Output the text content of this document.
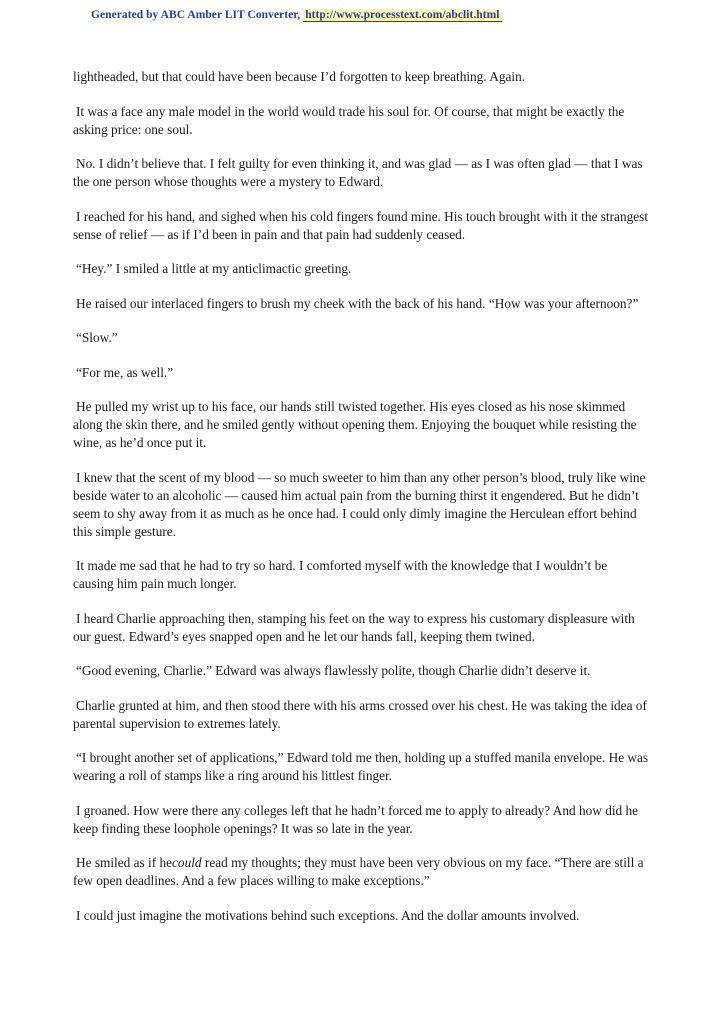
Generated by ABC Amber LIT Converter, http://www.processtext.com/abclit.html

lightheaded, but that could have been because I’d forgotten to keep breathing. Again.

It was a face any male model in the world would trade his soul for. Of course, that might be exactly the asking price: one soul.

No. I didn’t believe that. I felt guilty for even thinking it, and was glad — as I was often glad — that I was the one person whose thoughts were a mystery to Edward.

I reached for his hand, and sighed when his cold fingers found mine. His touch brought with it the strangest sense of relief — as if I’d been in pain and that pain had suddenly ceased.

“Hey.” I smiled a little at my anticlimactic greeting.

He raised our interlaced fingers to brush my cheek with the back of his hand. “How was your afternoon?”

“Slow.”

“For me, as well.”

He pulled my wrist up to his face, our hands still twisted together. His eyes closed as his nose skimmed along the skin there, and he smiled gently without opening them. Enjoying the bouquet while resisting the wine, as he’d once put it.

I knew that the scent of my blood — so much sweeter to him than any other person’s blood, truly like wine beside water to an alcoholic — caused him actual pain from the burning thirst it engendered. But he didn’t seem to shy away from it as much as he once had. I could only dimly imagine the Herculean effort behind this simple gesture.

It made me sad that he had to try so hard. I comforted myself with the knowledge that I wouldn’t be causing him pain much longer.

I heard Charlie approaching then, stamping his feet on the way to express his customary displeasure with our guest. Edward’s eyes snapped open and he let our hands fall, keeping them twined.

“Good evening, Charlie.” Edward was always flawlessly polite, though Charlie didn’t deserve it.

Charlie grunted at him, and then stood there with his arms crossed over his chest. He was taking the idea of parental supervision to extremes lately.

“I brought another set of applications,” Edward told me then, holding up a stuffed manila envelope. He was wearing a roll of stamps like a ring around his littlest finger.

I groaned. How were there any colleges left that he hadn’t forced me to apply to already? And how did he keep finding these loophole openings? It was so late in the year.

He smiled as if hecould read my thoughts; they must have been very obvious on my face. “There are still a few open deadlines. And a few places willing to make exceptions.”

I could just imagine the motivations behind such exceptions. And the dollar amounts involved.
